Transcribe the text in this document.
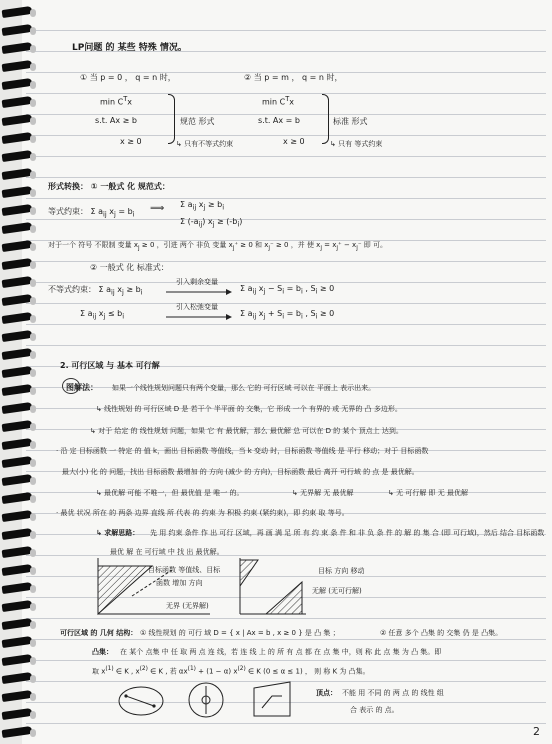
LP问题 的 某些 特殊 情况。
① 当 p = 0 ， q = n 时，	② 当 p = m ， q = n 时，
$\min C^Tx$	$\min C^Tx$
s.t. Ax ≥ b	规范 形式	s.t. Ax = b	标准 形式
x ≥ 0	↳ 只有不等式约束	x ≥ 0	↳ 只有 等式约束
形式转换： ① 一般式 化 规范式：
等式约束： Σ $a_{ij}$ $x_j = b_i$
⟹ Σ $a_{ij}$ $x_j \ge b_i$
Σ $(-a_{ij}) x_j \ge (-b_i)$
对于一个 符号 不限制 变量 $x_j \ge 0$ ，引进 两个 非负 变量 $x_j^+ \ge 0$ 和 $x_j^- \ge 0$ ，并 使 $x_j = x_j^+ - x_j^-$ 即 可。
② 一般式 化 标准式：
不等式约束： Σ $a_{ij}$ $x_j \ge b_i$
引入剩余变量
Σ $a_{ij}$ $x_j - S_i = b_i$ , $S_i \ge 0$
Σ $a_{ij}$ $x_j \le b_i$
引入松弛变量
Σ $a_{ij}$ $x_j + S_i = b_i$ , $S_i \ge 0$
2. 可行区域 与 基本 可行解
图解法： 如果一个线性规划问题只有两个变量，那么 它的 可行区域 可以在 平面上 表示出来。
↳ 线性规划 的 可行区域 D 是 若干个 半平面 的 交集，它 形成 一个 有界的 或 无界的 凸 多边形。
↳ 对于 给定 的 线性规划 问题，如果 它 有 最优解，那么 最优解 总 可以在 D 的 某个 顶点上 达到。
· 沿 定 目标函数 一 特定 的 值 k，画出 目标函数 等值线，当 k 变动 时，目标函数 等值线 是 平行 移动；对于 目标函数
最大(小) 化 的 问题，找出 目标函数 最增加 的 方向 (减少 的 方向)，目标函数 最后 离开 可行域 的 点 是 最优解。
↳ 最优解 可能 不唯一，但 最优值 是 唯一 的。	↳ 无界解 无 最优解	↳ 无 可行解 即 无 最优解
· 最优 状况 所在 的 两条 边界 直线 所 代表 的 约束 为 积极 约束 (紧约束)，即 约束 取 等号。
↳ 求解思路： 先 用 约束 条件 作 出 可行 区域，再 画 满 足 所 有 约 束 条 件 和 非 负 条 件 的 解 的 集 合 (即 可行域)，然后 结合 目标函数
最优 解 在 可行域 中 找 出 最优解。
目标函数 等值线、目标
函数 增加 方向
无界 (无界解)
目标 方向 移动
无解 (无可行解)
可行区域 的 几何 结构： ① 线性规划 的 可行 域 D = { x | Ax = b , x ≥ 0 } 是 凸 集 ；	② 任意 多个 凸集 的 交集 仍 是 凸集。
凸集： 在 某个 点集 中 任 取 两 点 连 线，若 连 线 上 的 所 有 点 都 在 点 集 中，则 称 此 点 集 为 凸 集。即
取 $x^{(1)}$ ∈ K , $x^{(2)}$ ∈ K , 若 $\alpha x^{(1)} + (1 - \alpha)$ $x^{(2)}$ ∈ K (0 ≤ α ≤ 1) ， 则 称 K 为 凸集。
顶点： 不能 用 不同 的 两 点 的 线性 组
合 表示 的 点。
2
